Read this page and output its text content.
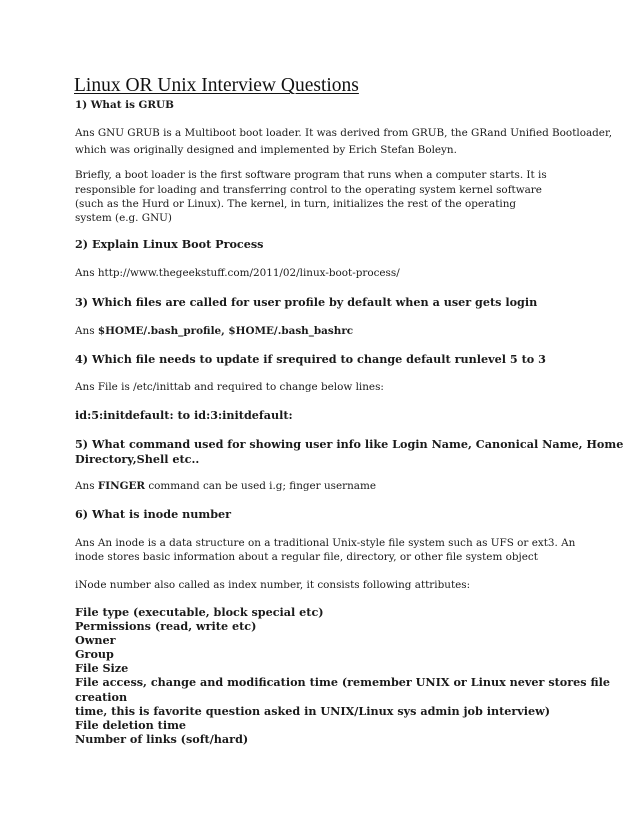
Linux OR Unix Interview Questions
1) What is GRUB
Ans GNU GRUB is a Multiboot boot loader. It was derived from GRUB, the GRand Unified Bootloader,
which was originally designed and implemented by Erich Stefan Boleyn.
Briefly, a boot loader is the first software program that runs when a computer starts. It is
responsible for loading and transferring control to the operating system kernel software
(such as the Hurd or Linux). The kernel, in turn, initializes the rest of the operating
system (e.g. GNU)
2) Explain Linux Boot Process
Ans http://www.thegeekstuff.com/2011/02/linux-boot-process/
3) Which files are called for user profile by default when a user gets login
Ans $HOME/.bash_profile, $HOME/.bash_bashrc
4) Which file needs to update if srequired to change default runlevel 5 to 3
Ans File is /etc/inittab and required to change below lines:
id:5:initdefault: to id:3:initdefault:
5) What command used for showing user info like Login Name, Canonical Name, Home
Directory,Shell etc..
Ans FINGER command can be used i.g; finger username
6) What is inode number
Ans An inode is a data structure on a traditional Unix-style file system such as UFS or ext3. An
inode stores basic information about a regular file, directory, or other file system object
iNode number also called as index number, it consists following attributes:
File type (executable, block special etc)
Permissions (read, write etc)
Owner
Group
File Size
File access, change and modification time (remember UNIX or Linux never stores file
creation
time, this is favorite question asked in UNIX/Linux sys admin job interview)
File deletion time
Number of links (soft/hard)
